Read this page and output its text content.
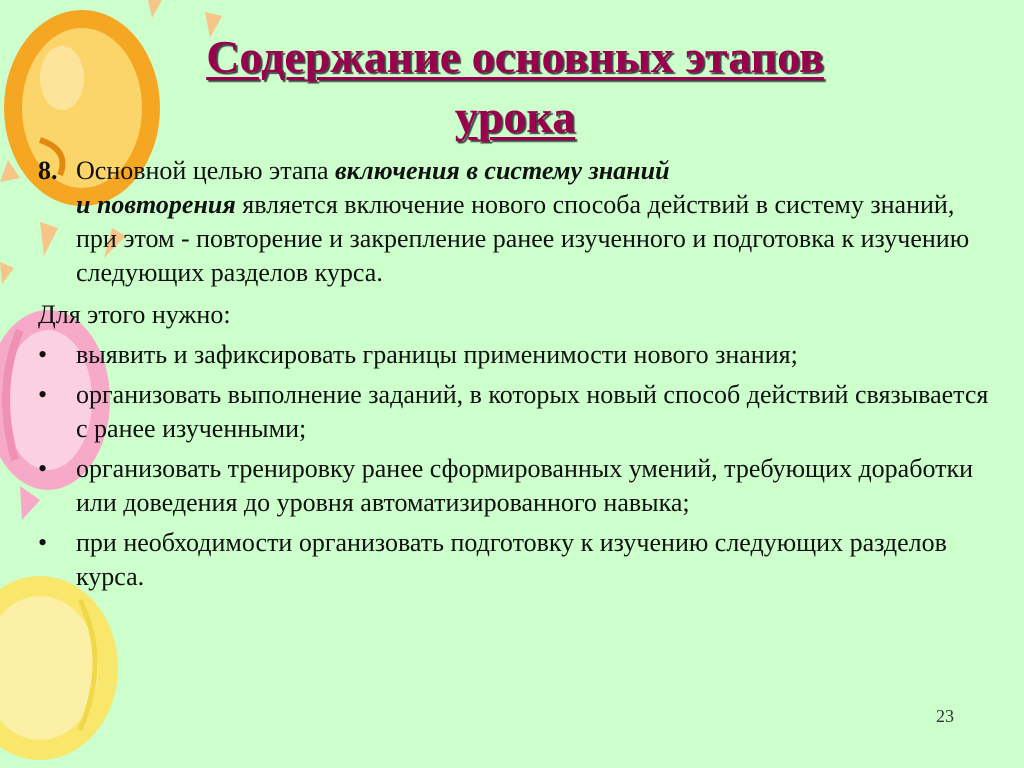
Содержание основных этапов
урока
8. Основной целью этапа включения в систему знаний
и повторения является включение нового способа действий в систему знаний, при этом - повторение и закрепление ранее изученного и подготовка к изучению следующих разделов курса.
Для этого нужно:
• выявить и зафиксировать границы применимости нового знания;
• организовать выполнение заданий, в которых новый способ действий связывается с ранее изученными;
• организовать тренировку ранее сформированных умений, требующих доработки или доведения до уровня автоматизированного навыка;
• при необходимости организовать подготовку к изучению следующих разделов курса.
23
